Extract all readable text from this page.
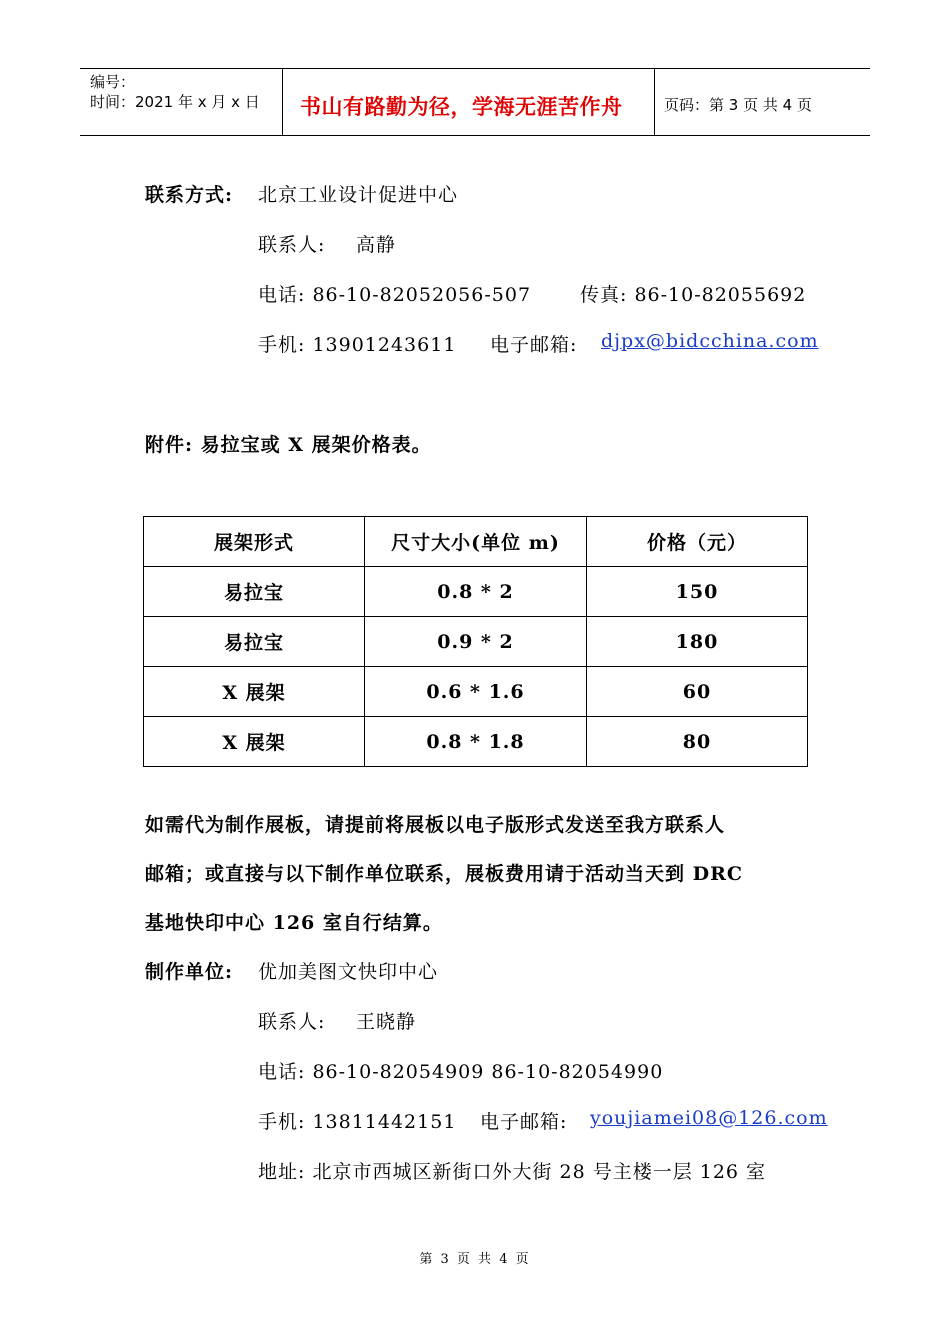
编号：
时间：2021 年 x 月 x 日 书山有路勤为径，学海无涯苦作舟	页码：第 3 页 共 4 页
联系方式: 北京工业设计促进中心
联系人: 高静
电话: 86-10-82052056-507	传真: 86-10-82055692
手机: 13901243611 电子邮箱: djpx@bidcchina.com
附件: 易拉宝或 X 展架价格表。
展架形式	尺寸大小(单位 m)	价格（元）
易拉宝	0.8 * 2	150
易拉宝	0.9 * 2	180
X 展架	0.6 * 1.6	60
X 展架	0.8 * 1.8	80
如需代为制作展板，请提前将展板以电子版形式发送至我方联系人
邮箱；或直接与以下制作单位联系，展板费用请于活动当天到 DRC
基地快印中心 126 室自行结算。
制作单位: 优加美图文快印中心
联系人: 王晓静
电话: 86-10-82054909 86-10-82054990
手机: 13811442151 电子邮箱: youjiamei08@126.com
地址: 北京市西城区新街口外大街 28 号主楼一层 126 室
第 3 页 共 4 页
